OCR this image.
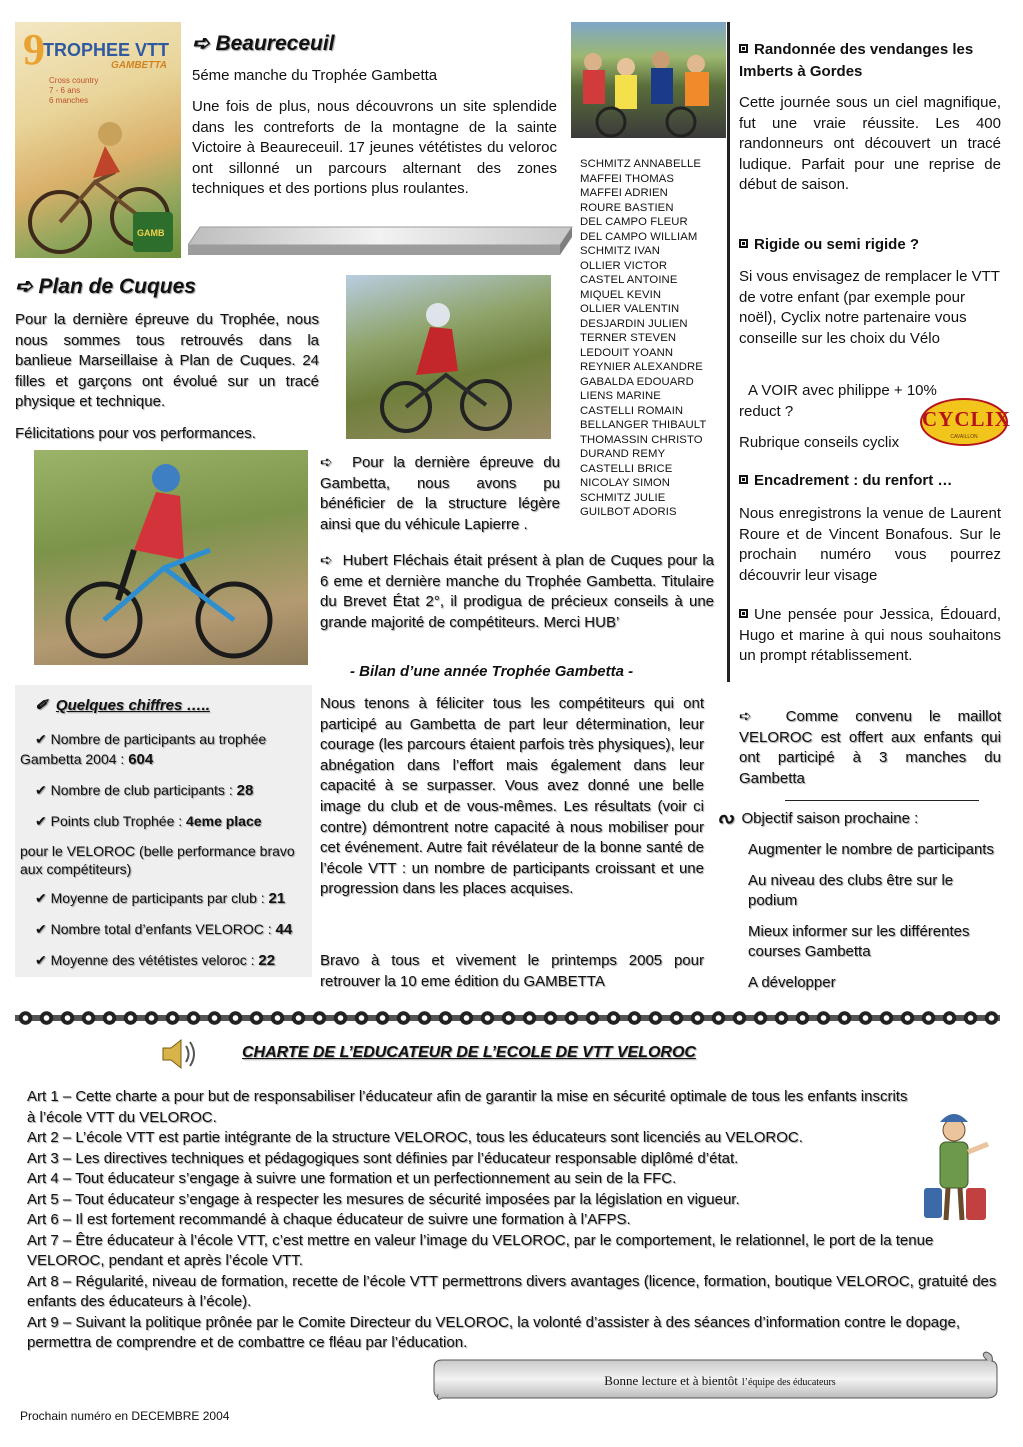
9
TROPHEE VTT
GAMBETTA
Cross country
7 - 6 ans
6 manches
GAMB
➪ Beaureceuil
5éme manche du Trophée Gambetta
Une fois de plus, nous découvrons un site splendide dans les contreforts de la montagne de la sainte Victoire à Beaureceuil. 17 jeunes vététistes du veloroc ont sillonné un parcours alternant des zones techniques et des portions plus roulantes.
SCHMITZ ANNABELLE
MAFFEI THOMAS
MAFFEI ADRIEN
ROURE BASTIEN
DEL CAMPO FLEUR
DEL CAMPO WILLIAM
SCHMITZ IVAN
OLLIER VICTOR
CASTEL ANTOINE
MIQUEL KEVIN
OLLIER VALENTIN
DESJARDIN JULIEN
TERNER STEVEN
LEDOUIT YOANN
REYNIER ALEXANDRE
GABALDA EDOUARD
LIENS MARINE
CASTELLI ROMAIN
BELLANGER THIBAULT
THOMASSIN CHRISTO
DURAND REMY
CASTELLI BRICE
NICOLAY SIMON
SCHMITZ JULIE
GUILBOT ADORIS
Randonnée des vendanges les Imberts à Gordes
Cette journée sous un ciel magnifique, fut une vraie réussite. Les 400 randonneurs ont découvert un tracé ludique. Parfait pour une reprise de début de saison.
Rigide ou semi rigide ?
Si vous envisagez de remplacer le VTT de votre enfant (par exemple pour noël), Cyclix notre partenaire vous conseille sur les choix du Vélo
A VOIR avec philippe + 10% reduct ?
Rubrique conseils cyclix
CYCLIX
CAVAILLON
Encadrement : du renfort …
Nous enregistrons la venue de Laurent Roure et de Vincent Bonafous. Sur le prochain numéro vous pourrez découvrir leur visage
Une pensée pour Jessica, Édouard, Hugo et marine à qui nous souhaitons un prompt rétablissement.
➪ Comme convenu le maillot VELOROC est offert aux enfants qui ont participé à 3 manches du Gambetta
ᔓ Objectif saison prochaine :
Augmenter le nombre de participants
Au niveau des clubs être sur le podium
Mieux informer sur les différentes courses Gambetta
A développer
➪ Plan de Cuques
Pour la dernière épreuve du Trophée, nous nous sommes tous retrouvés dans la banlieue Marseillaise à Plan de Cuques. 24 filles et garçons ont évolué sur un tracé physique et technique.
Félicitations pour vos performances.
➪ Pour la dernière épreuve du Gambetta, nous avons pu bénéficier de la structure légère ainsi que du véhicule Lapierre .
➪ Hubert Fléchais était présent à plan de Cuques pour la 6 eme et dernière manche du Trophée Gambetta. Titulaire du Brevet État 2°, il prodigua de précieux conseils à une grande majorité de compétiteurs. Merci HUB’
- Bilan d’une année Trophée Gambetta -
Nous tenons à féliciter tous les compétiteurs qui ont participé au Gambetta de part leur détermination, leur courage (les parcours étaient parfois très physiques), leur abnégation dans l’effort mais également dans leur capacité à se surpasser. Vous avez donné une belle image du club et de vous-mêmes. Les résultats (voir ci contre) démontrent notre capacité à nous mobiliser pour cet événement. Autre fait révélateur de la bonne santé de l’école VTT : un nombre de participants croissant et une progression dans les places acquises.
Bravo à tous et vivement le printemps 2005 pour retrouver la 10 eme édition du GAMBETTA
✐ Quelques chiffres …..
✔ Nombre de participants au trophée
Gambetta 2004 : 604
✔ Nombre de club participants : 28
✔ Points club Trophée : 4eme place
pour le VELOROC (belle performance bravo aux compétiteurs)
✔ Moyenne de participants par club : 21
✔ Nombre total d’enfants VELOROC : 44
✔ Moyenne des vététistes veloroc : 22
CHARTE DE L’EDUCATEUR DE L’ECOLE DE VTT VELOROC

Art 1 – Cette charte a pour but de responsabiliser l’éducateur afin de garantir la mise en sécurité optimale de tous les enfants inscrits à l’école VTT du VELOROC.

Art 2 – L’école VTT est partie intégrante de la structure VELOROC, tous les éducateurs sont licenciés au VELOROC.

Art 3 – Les directives techniques et pédagogiques sont définies par l’éducateur responsable diplômé d’état.

Art 4 – Tout éducateur s’engage à suivre une formation et un perfectionnement au sein de la FFC.

Art 5 – Tout éducateur s’engage à respecter les mesures de sécurité imposées par la législation en vigueur.

Art 6 – Il est fortement recommandé à chaque éducateur de suivre une formation à l’AFPS.

Art 7 – Être éducateur à l’école VTT, c’est mettre en valeur l’image du VELOROC, par le comportement, le relationnel, le port de la tenue VELOROC, pendant et après l’école VTT.

Art 8 – Régularité, niveau de formation, recette de l’école VTT permettrons divers avantages (licence, formation, boutique VELOROC, gratuité des enfants des éducateurs à l’école).

Art 9 – Suivant la politique prônée par le Comite Directeur du VELOROC, la volonté d’assister à des séances d’information contre le dopage, permettra de comprendre et de combattre ce fléau par l’éducation.

Bonne lecture et à bientôt l’équipe des éducateurs
Prochain numéro en DECEMBRE 2004
